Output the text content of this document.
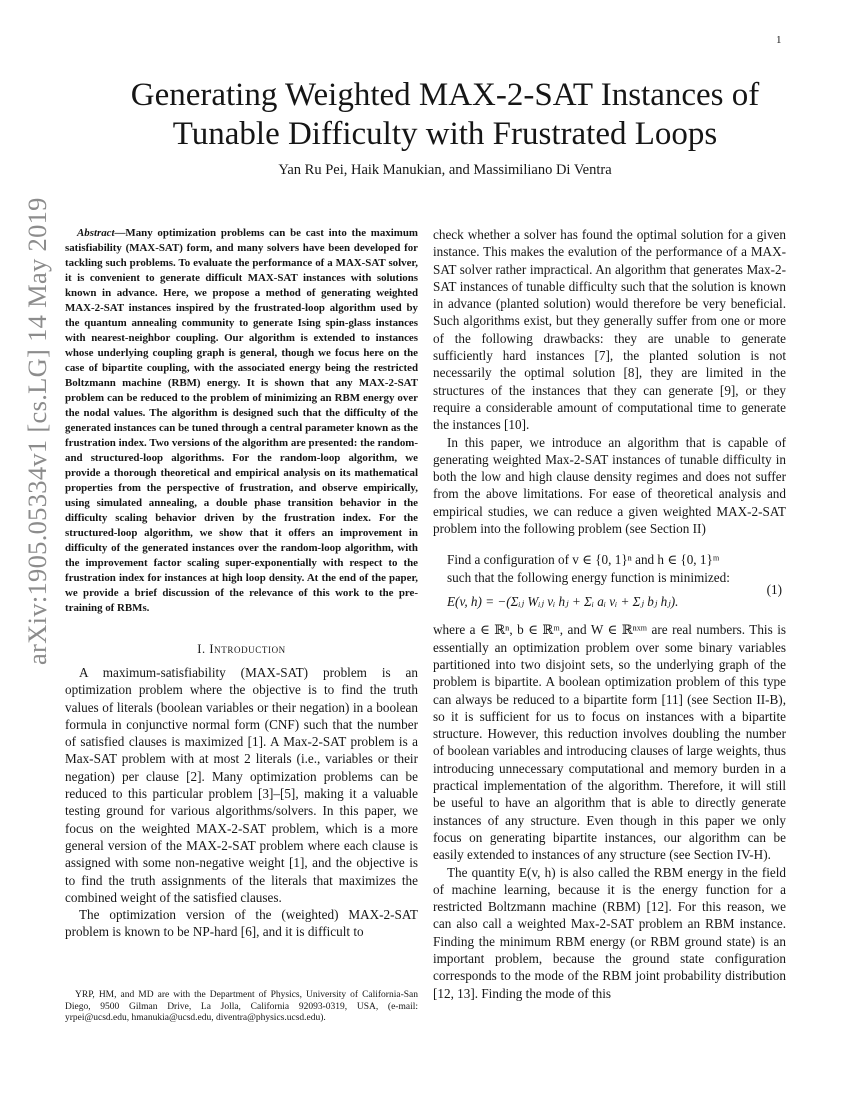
1
arXiv:1905.05334v1 [cs.LG] 14 May 2019
Generating Weighted MAX-2-SAT Instances of
Tunable Difficulty with Frustrated Loops
Yan Ru Pei, Haik Manukian, and Massimiliano Di Ventra

Abstract—Many optimization problems can be cast into the maximum satisfiability (MAX-SAT) form, and many solvers have been developed for tackling such problems. To evaluate the performance of a MAX-SAT solver, it is convenient to generate difficult MAX-SAT instances with solutions known in advance. Here, we propose a method of generating weighted MAX-2-SAT instances inspired by the frustrated-loop algorithm used by the quantum annealing community to generate Ising spin-glass instances with nearest-neighbor coupling. Our algorithm is extended to instances whose underlying coupling graph is general, though we focus here on the case of bipartite coupling, with the associated energy being the restricted Boltzmann machine (RBM) energy. It is shown that any MAX-2-SAT problem can be reduced to the problem of minimizing an RBM energy over the nodal values. The algorithm is designed such that the difficulty of the generated instances can be tuned through a central parameter known as the frustration index. Two versions of the algorithm are presented: the random- and structured-loop algorithms. For the random-loop algorithm, we provide a thorough theoretical and empirical analysis on its mathematical properties from the perspective of frustration, and observe empirically, using simulated annealing, a double phase transition behavior in the difficulty scaling behavior driven by the frustration index. For the structured-loop algorithm, we show that it offers an improvement in difficulty of the generated instances over the random-loop algorithm, with the improvement factor scaling super-exponentially with respect to the frustration index for instances at high loop density. At the end of the paper, we provide a brief discussion of the relevance of this work to the pre-training of RBMs.

I. Introduction

A maximum-satisfiability (MAX-SAT) problem is an optimization problem where the objective is to find the truth values of literals (boolean variables or their negation) in a boolean formula in conjunctive normal form (CNF) such that the number of satisfied clauses is maximized [1]. A Max-2-SAT problem is a Max-SAT problem with at most 2 literals (i.e., variables or their negation) per clause [2]. Many optimization problems can be reduced to this particular problem [3]–[5], making it a valuable testing ground for various algorithms/solvers. In this paper, we focus on the weighted MAX-2-SAT problem, which is a more general version of the MAX-2-SAT problem where each clause is assigned with some non-negative weight [1], and the objective is to find the truth assignments of the literals that maximizes the combined weight of the satisfied clauses.

The optimization version of the (weighted) MAX-2-SAT problem is known to be NP-hard [6], and it is difficult to

YRP, HM, and MD are with the Department of Physics, University of California-San Diego, 9500 Gilman Drive, La Jolla, California 92093-0319, USA, (e-mail: yrpei@ucsd.edu, hmanukia@ucsd.edu, diventra@physics.ucsd.edu).

check whether a solver has found the optimal solution for a given instance. This makes the evalution of the performance of a MAX-SAT solver rather impractical. An algorithm that generates Max-2-SAT instances of tunable difficulty such that the solution is known in advance (planted solution) would therefore be very beneficial. Such algorithms exist, but they generally suffer from one or more of the following drawbacks: they are unable to generate sufficiently hard instances [7], the planted solution is not necessarily the optimal solution [8], they are limited in the structures of the instances that they can generate [9], or they require a considerable amount of computational time to generate the instances [10].

In this paper, we introduce an algorithm that is capable of generating weighted Max-2-SAT instances of tunable difficulty in both the low and high clause density regimes and does not suffer from the above limitations. For ease of theoretical analysis and empirical studies, we can reduce a given weighted MAX-2-SAT problem into the following problem (see Section II)

Find a configuration of v ∈ {0, 1}ⁿ and h ∈ {0, 1}ᵐ
such that the following energy function is minimized:
E(v, h) = −(Σᵢⱼ Wᵢⱼ vᵢ hⱼ + Σᵢ aᵢ vᵢ + Σⱼ bⱼ hⱼ).
(1)

where a ∈ ℝⁿ, b ∈ ℝᵐ, and W ∈ ℝⁿˣᵐ are real numbers. This is essentially an optimization problem over some binary variables partitioned into two disjoint sets, so the underlying graph of the problem is bipartite. A boolean optimization problem of this type can always be reduced to a bipartite form [11] (see Section II-B), so it is sufficient for us to focus on instances with a bipartite structure. However, this reduction involves doubling the number of boolean variables and introducing clauses of large weights, thus introducing unnecessary computational and memory burden in a practical implementation of the algorithm. Therefore, it will still be useful to have an algorithm that is able to directly generate instances of any structure. Even though in this paper we only focus on generating bipartite instances, our algorithm can be easily extended to instances of any structure (see Section IV-H).

The quantity E(v, h) is also called the RBM energy in the field of machine learning, because it is the energy function for a restricted Boltzmann machine (RBM) [12]. For this reason, we can also call a weighted Max-2-SAT problem an RBM instance. Finding the minimum RBM energy (or RBM ground state) is an important problem, because the ground state configuration corresponds to the mode of the RBM joint probability distribution [12, 13]. Finding the mode of this
